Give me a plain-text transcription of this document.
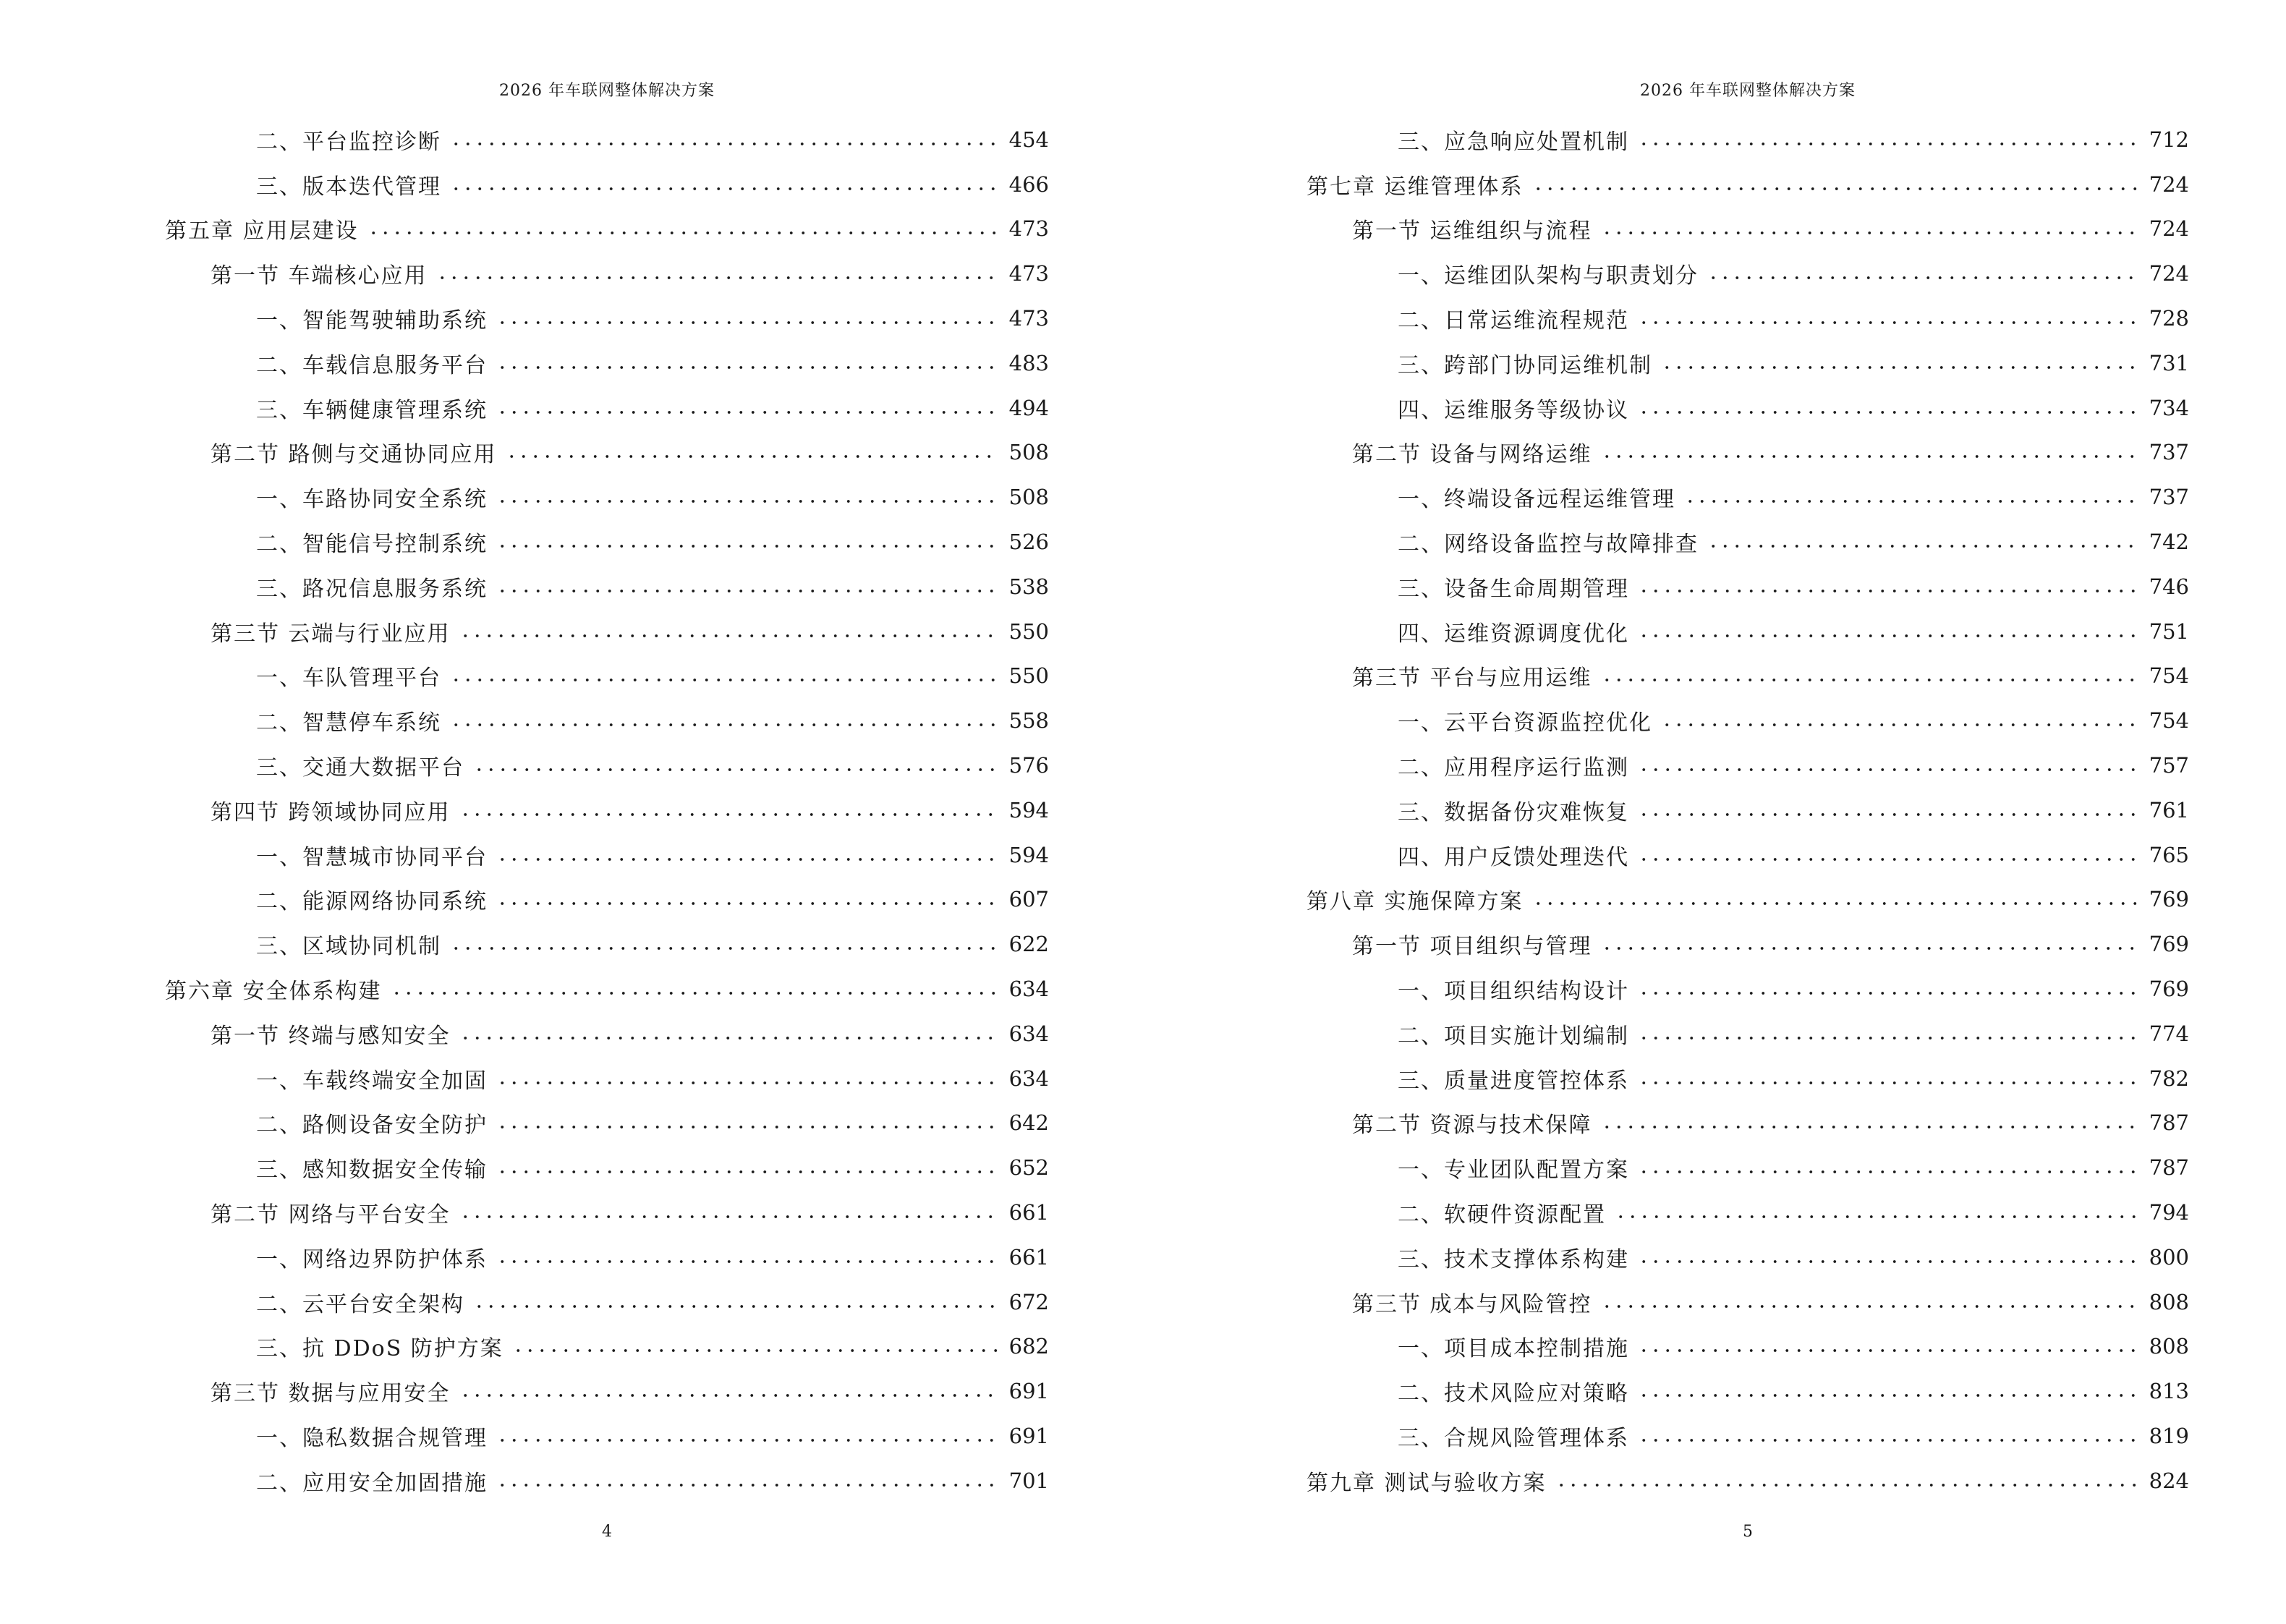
2026 年车联网整体解决方案
二、平台监控诊断	454
三、版本迭代管理	466
第五章 应用层建设	473
第一节 车端核心应用	473
一、智能驾驶辅助系统	473
二、车载信息服务平台	483
三、车辆健康管理系统	494
第二节 路侧与交通协同应用	508
一、车路协同安全系统	508
二、智能信号控制系统	526
三、路况信息服务系统	538
第三节 云端与行业应用	550
一、车队管理平台	550
二、智慧停车系统	558
三、交通大数据平台	576
第四节 跨领域协同应用	594
一、智慧城市协同平台	594
二、能源网络协同系统	607
三、区域协同机制	622
第六章 安全体系构建	634
第一节 终端与感知安全	634
一、车载终端安全加固	634
二、路侧设备安全防护	642
三、感知数据安全传输	652
第二节 网络与平台安全	661
一、网络边界防护体系	661
二、云平台安全架构	672
三、抗 DDoS 防护方案	682
第三节 数据与应用安全	691
一、隐私数据合规管理	691
二、应用安全加固措施	701
4
2026 年车联网整体解决方案
三、应急响应处置机制	712
第七章 运维管理体系	724
第一节 运维组织与流程	724
一、运维团队架构与职责划分	724
二、日常运维流程规范	728
三、跨部门协同运维机制	731
四、运维服务等级协议	734
第二节 设备与网络运维	737
一、终端设备远程运维管理	737
二、网络设备监控与故障排查	742
三、设备生命周期管理	746
四、运维资源调度优化	751
第三节 平台与应用运维	754
一、云平台资源监控优化	754
二、应用程序运行监测	757
三、数据备份灾难恢复	761
四、用户反馈处理迭代	765
第八章 实施保障方案	769
第一节 项目组织与管理	769
一、项目组织结构设计	769
二、项目实施计划编制	774
三、质量进度管控体系	782
第二节 资源与技术保障	787
一、专业团队配置方案	787
二、软硬件资源配置	794
三、技术支撑体系构建	800
第三节 成本与风险管控	808
一、项目成本控制措施	808
二、技术风险应对策略	813
三、合规风险管理体系	819
第九章 测试与验收方案	824
5
